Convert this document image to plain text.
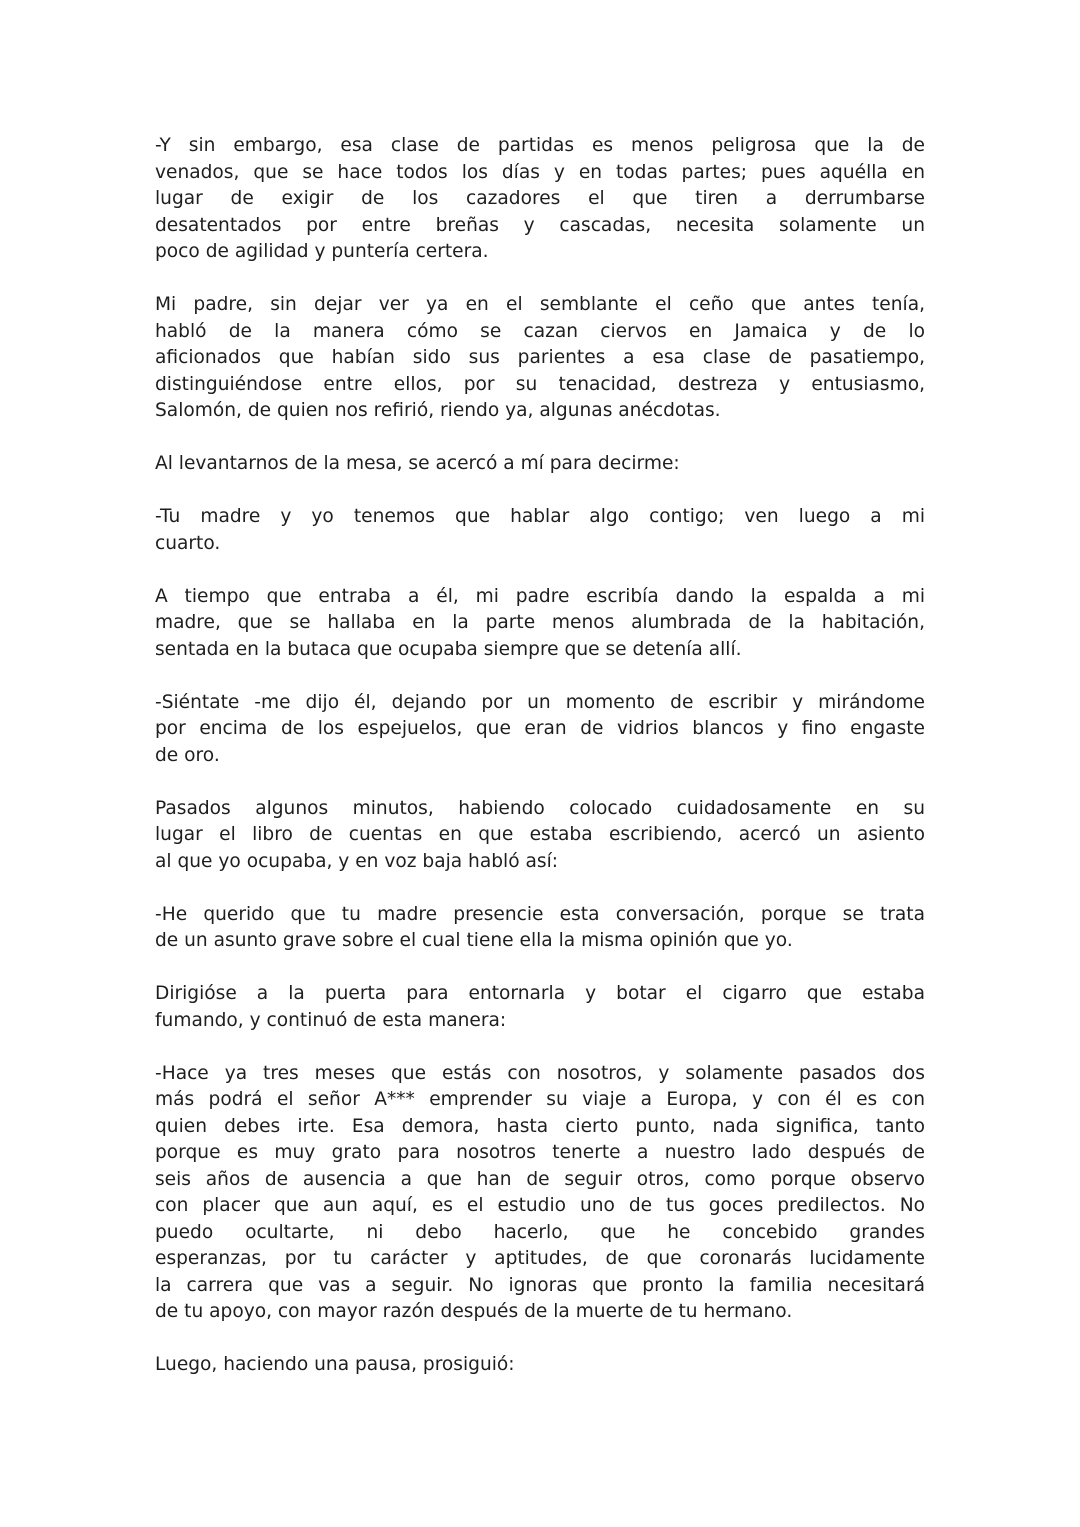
-Y sin embargo, esa clase de partidas es menos peligrosa que la de
venados, que se hace todos los días y en todas partes; pues aquélla en
lugar de exigir de los cazadores el que tiren a derrumbarse
desatentados por entre breñas y cascadas, necesita solamente un
poco de agilidad y puntería certera.
Mi padre, sin dejar ver ya en el semblante el ceño que antes tenía,
habló de la manera cómo se cazan ciervos en Jamaica y de lo
aficionados que habían sido sus parientes a esa clase de pasatiempo,
distinguiéndose entre ellos, por su tenacidad, destreza y entusiasmo,
Salomón, de quien nos refirió, riendo ya, algunas anécdotas.
Al levantarnos de la mesa, se acercó a mí para decirme:
-Tu madre y yo tenemos que hablar algo contigo; ven luego a mi
cuarto.
A tiempo que entraba a él, mi padre escribía dando la espalda a mi
madre, que se hallaba en la parte menos alumbrada de la habitación,
sentada en la butaca que ocupaba siempre que se detenía allí.
-Siéntate -me dijo él, dejando por un momento de escribir y mirándome
por encima de los espejuelos, que eran de vidrios blancos y fino engaste
de oro.
Pasados algunos minutos, habiendo colocado cuidadosamente en su
lugar el libro de cuentas en que estaba escribiendo, acercó un asiento
al que yo ocupaba, y en voz baja habló así:
-He querido que tu madre presencie esta conversación, porque se trata
de un asunto grave sobre el cual tiene ella la misma opinión que yo.
Dirigióse a la puerta para entornarla y botar el cigarro que estaba
fumando, y continuó de esta manera:
-Hace ya tres meses que estás con nosotros, y solamente pasados dos
más podrá el señor A*** emprender su viaje a Europa, y con él es con
quien debes irte. Esa demora, hasta cierto punto, nada significa, tanto
porque es muy grato para nosotros tenerte a nuestro lado después de
seis años de ausencia a que han de seguir otros, como porque observo
con placer que aun aquí, es el estudio uno de tus goces predilectos. No
puedo ocultarte, ni debo hacerlo, que he concebido grandes
esperanzas, por tu carácter y aptitudes, de que coronarás lucidamente
la carrera que vas a seguir. No ignoras que pronto la familia necesitará
de tu apoyo, con mayor razón después de la muerte de tu hermano.
Luego, haciendo una pausa, prosiguió:
